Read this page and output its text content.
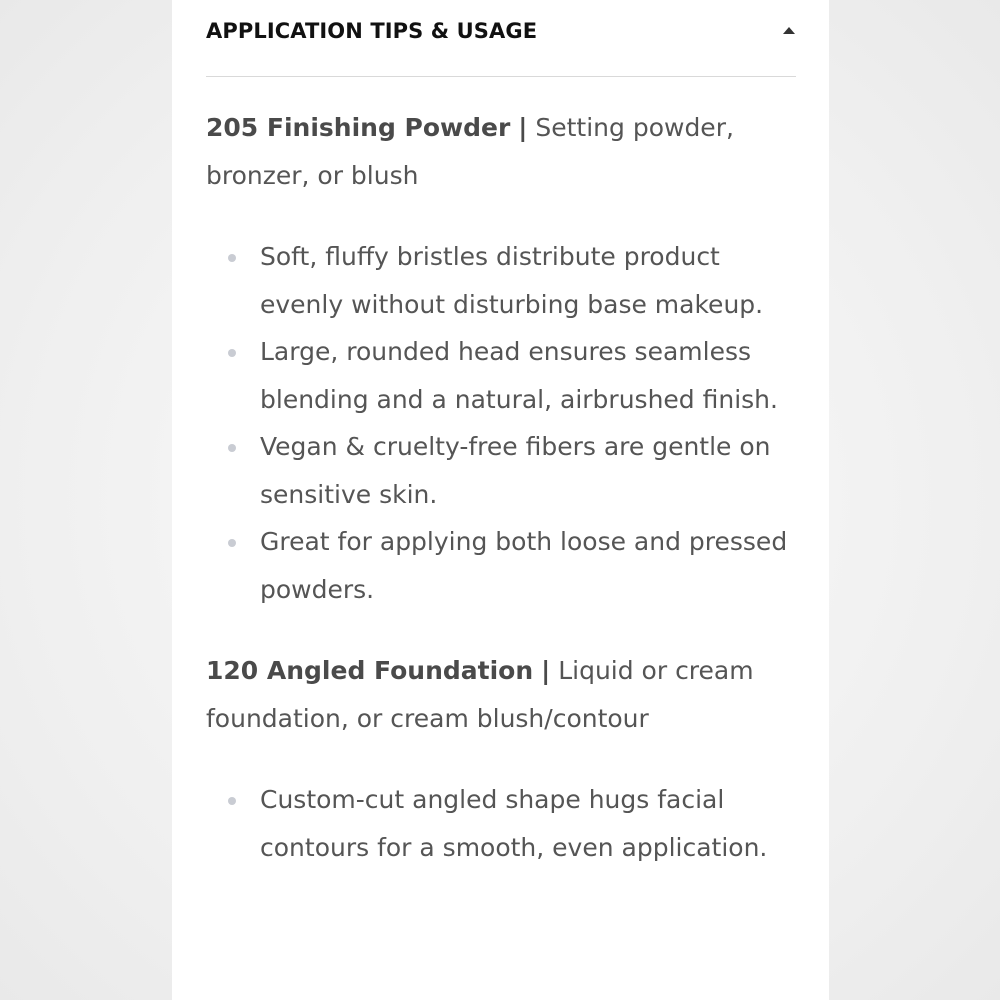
APPLICATION TIPS & USAGE

205 Finishing Powder | Setting powder, bronzer, or blush

Soft, fluffy bristles distribute product evenly without disturbing base makeup.
Large, rounded head ensures seamless blending and a natural, airbrushed finish.
Vegan & cruelty-free fibers are gentle on sensitive skin.
Great for applying both loose and pressed powders.

120 Angled Foundation | Liquid or cream foundation, or cream blush/contour

Custom-cut angled shape hugs facial contours for a smooth, even application.
